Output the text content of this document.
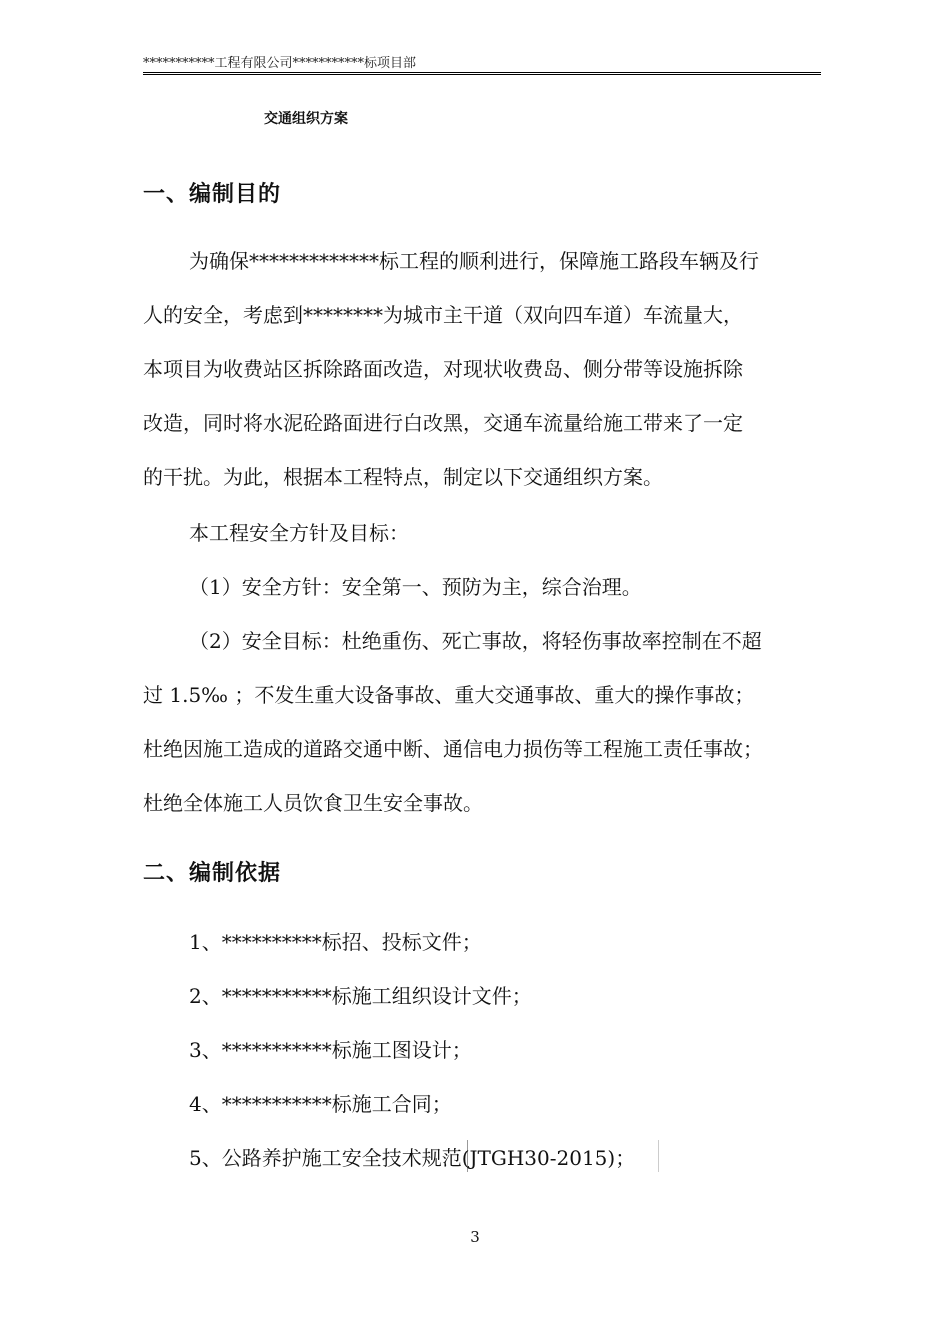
***********工程有限公司***********标项目部
交通组织方案
一、编制目的
为确保*************标工程的顺利进行，保障施工路段车辆及行
人的安全，考虑到********为城市主干道（双向四车道）车流量大，
本项目为收费站区拆除路面改造，对现状收费岛、侧分带等设施拆除
改造，同时将水泥砼路面进行白改黑，交通车流量给施工带来了一定
的干扰。为此，根据本工程特点，制定以下交通组织方案。
本工程安全方针及目标：
（1）安全方针：安全第一、预防为主，综合治理。
（2）安全目标：杜绝重伤、死亡事故，将轻伤事故率控制在不超
过 1.5‰ ；不发生重大设备事故、重大交通事故、重大的操作事故；
杜绝因施工造成的道路交通中断、通信电力损伤等工程施工责任事故；
杜绝全体施工人员饮食卫生安全事故。
二、编制依据
1、**********标招、投标文件；
2、***********标施工组织设计文件；
3、***********标施工图设计；
4、***********标施工合同；
5、公路养护施工安全技术规范(JTGH30-2015)；
3
